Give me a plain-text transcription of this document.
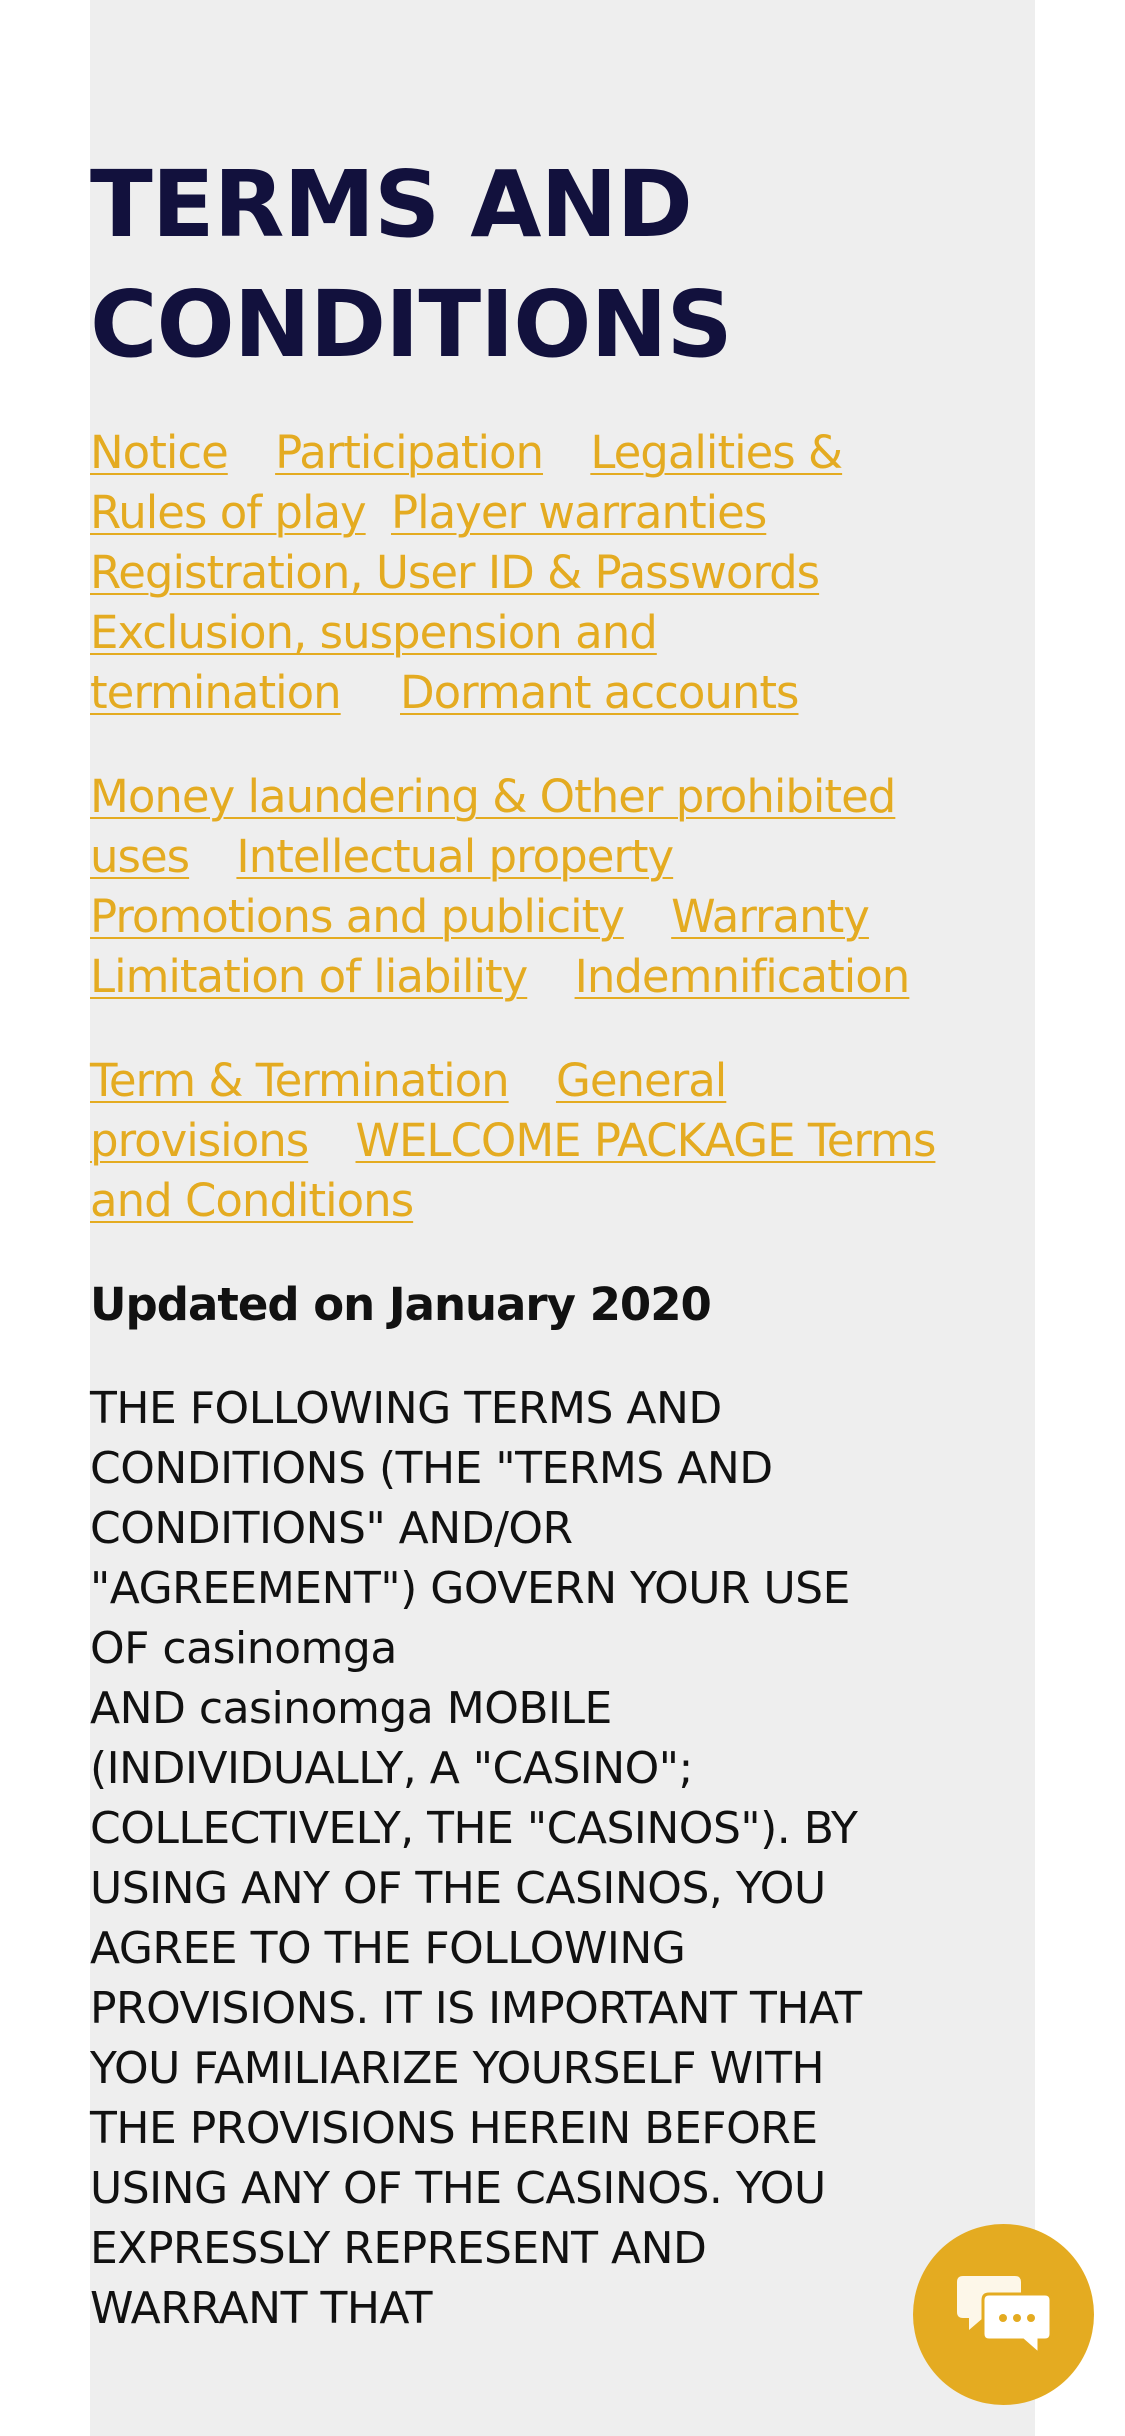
TERMS AND CONDITIONS
Notice Participation Legalities & Rules of play Player warranties Registration, User ID & Passwords Exclusion, suspension and termination Dormant accounts
Money laundering & Other prohibited uses Intellectual property Promotions and publicity Warranty Limitation of liability Indemnification
Term & Termination General provisions WELCOME PACKAGE Terms and Conditions
Updated on January 2020
THE FOLLOWING TERMS AND CONDITIONS (THE "TERMS AND CONDITIONS" AND/OR "AGREEMENT") GOVERN YOUR USE OF casinomga
AND casinomga MOBILE (INDIVIDUALLY, A "CASINO"; COLLECTIVELY, THE "CASINOS"). BY USING ANY OF THE CASINOS, YOU AGREE TO THE FOLLOWING PROVISIONS. IT IS IMPORTANT THAT YOU FAMILIARIZE YOURSELF WITH THE PROVISIONS HEREIN BEFORE USING ANY OF THE CASINOS. YOU EXPRESSLY REPRESENT AND WARRANT THAT
